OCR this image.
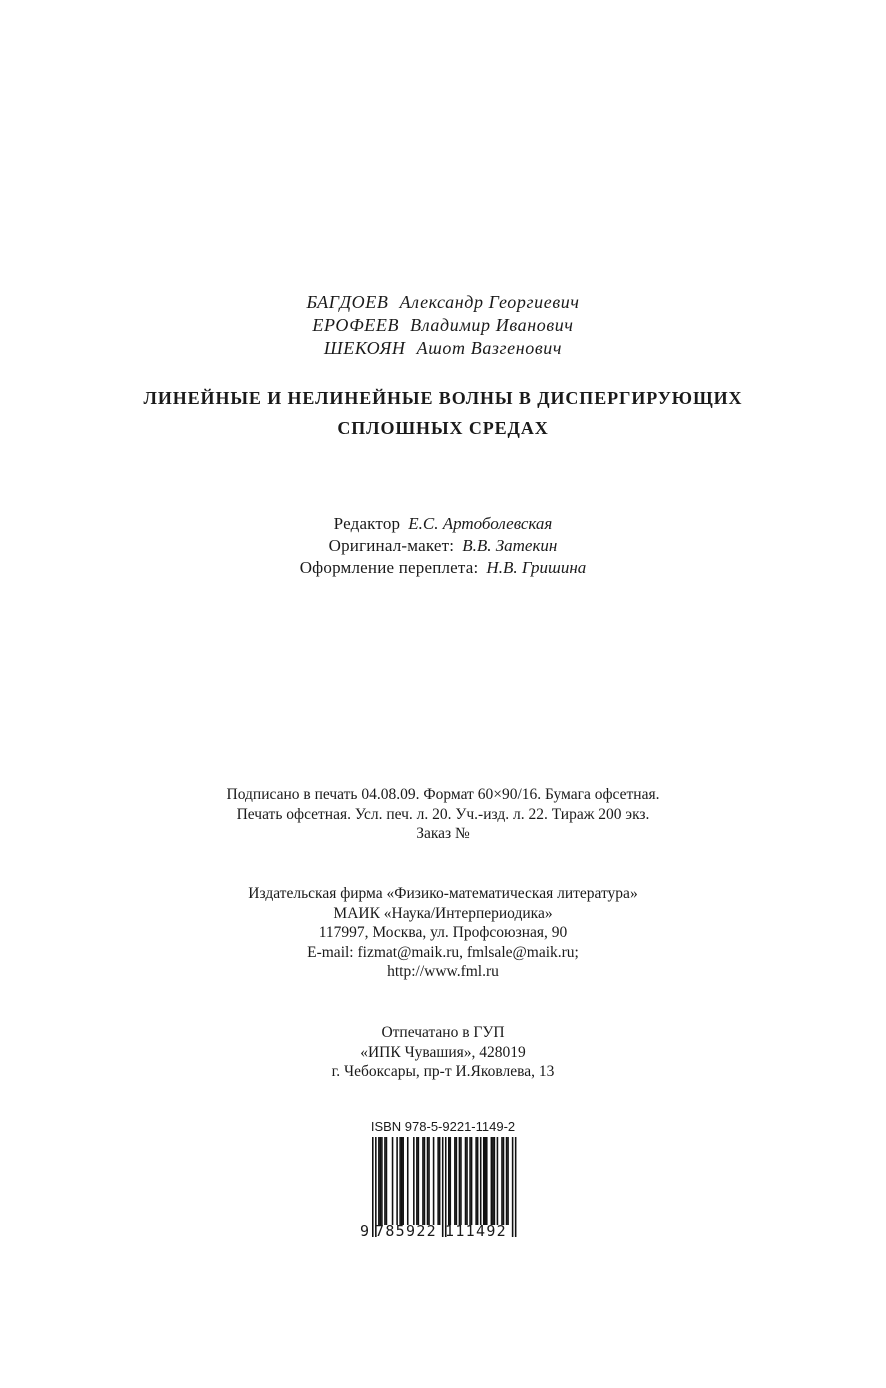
БАГДОЕВ Александр Георгиевич
ЕРОФЕЕВ Владимир Иванович
ШЕКОЯН Ашот Вазгенович
ЛИНЕЙНЫЕ И НЕЛИНЕЙНЫЕ ВОЛНЫ В ДИСПЕРГИРУЮЩИХ
СПЛОШНЫХ СРЕДАХ
Редактор Е.С. Артоболевская
Оригинал-макет: В.В. Затекин
Оформление переплета: Н.В. Гришина
Подписано в печать 04.08.09. Формат 60×90/16. Бумага офсетная.
Печать офсетная. Усл. печ. л. 20. Уч.-изд. л. 22. Тираж 200 экз.
Заказ №
Издательская фирма «Физико-математическая литература»
МАИК «Наука/Интерпериодика»
117997, Москва, ул. Профсоюзная, 90
E-mail: fizmat@maik.ru, fmlsale@maik.ru;
http://www.fml.ru
Отпечатано в ГУП
«ИПК Чувашия», 428019
г. Чебоксары, пр-т И.Яковлева, 13
ISBN 978-5-9221-1149-2
9 785922 111492
